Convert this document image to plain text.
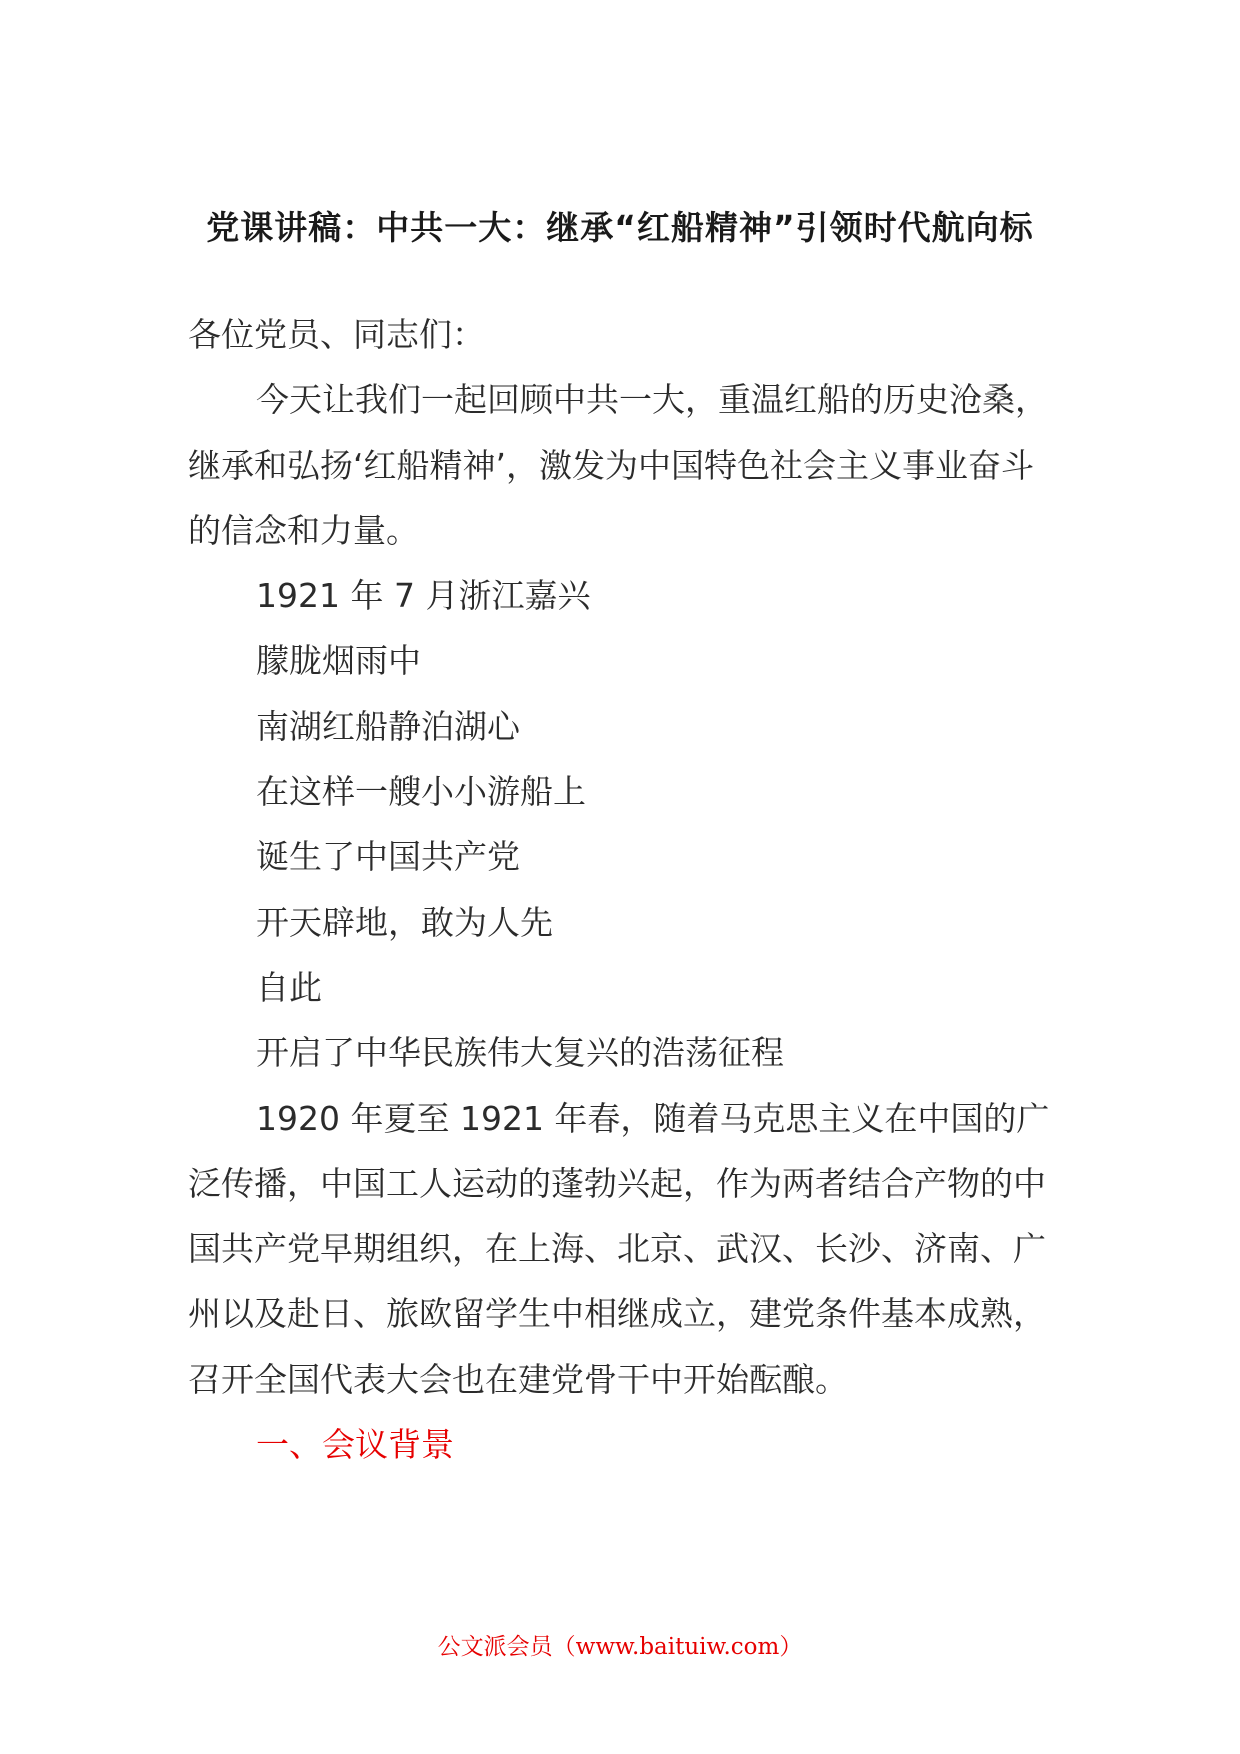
党课讲稿：中共一大：继承“红船精神”引领时代航向标

各位党员、同志们：

今天让我们一起回顾中共一大，重温红船的历史沧桑，继承和弘扬‘红船精神’，激发为中国特色社会主义事业奋斗的信念和力量。

1921 年 7 月浙江嘉兴

朦胧烟雨中

南湖红船静泊湖心

在这样一艘小小游船上

诞生了中国共产党

开天辟地，敢为人先

自此

开启了中华民族伟大复兴的浩荡征程

1920 年夏至 1921 年春，随着马克思主义在中国的广泛传播，中国工人运动的蓬勃兴起，作为两者结合产物的中国共产党早期组织，在上海、北京、武汉、长沙、济南、广州以及赴日、旅欧留学生中相继成立，建党条件基本成熟，召开全国代表大会也在建党骨干中开始酝酿。

一、会议背景

公文派会员（www.baituiw.com）
